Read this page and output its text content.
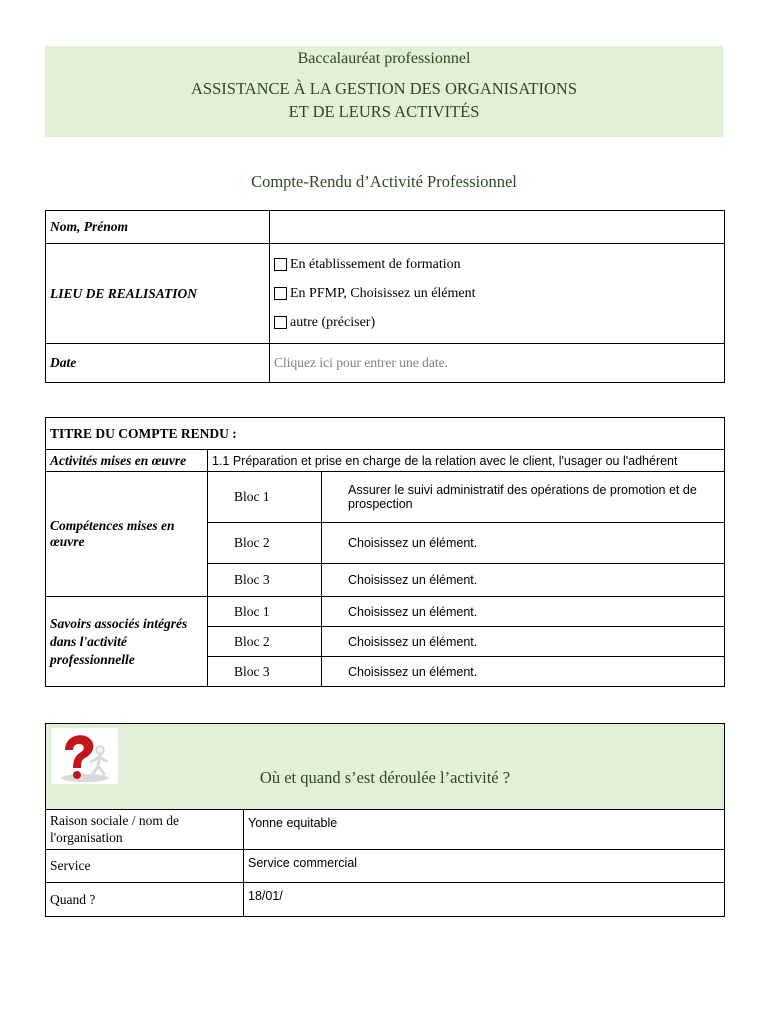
Baccalauréat professionnel
ASSISTANCE À LA GESTION DES ORGANISATIONS
ET DE LEURS ACTIVITÉS
Compte-Rendu d’Activité Professionnel
Nom, Prénom	
LIEU DE REALISATION	En établissement de formation
En PFMP, Choisissez un élément
autre (préciser)

Date	Cliquez ici pour entrer une date.
TITRE DU COMPTE RENDU :		
Activités mises en œuvre	1.1 Préparation et prise en charge de la relation avec le client, l'usager ou l'adhérent	
Compétences mises en œuvre	Bloc 1	Assurer le suivi administratif des opérations de promotion et de prospection
	Bloc 2	Choisissez un élément.
	Bloc 3	Choisissez un élément.
Savoirs associés intégrés dans l'activité professionnelle	Bloc 1	Choisissez un élément.
	Bloc 2	Choisissez un élément.
	Bloc 3	Choisissez un élément.
Où et quand s’est déroulée l’activité ?	

Raison sociale / nom de l'organisation	Yonne equitable
Service	Service commercial
Quand ?	18/01/
